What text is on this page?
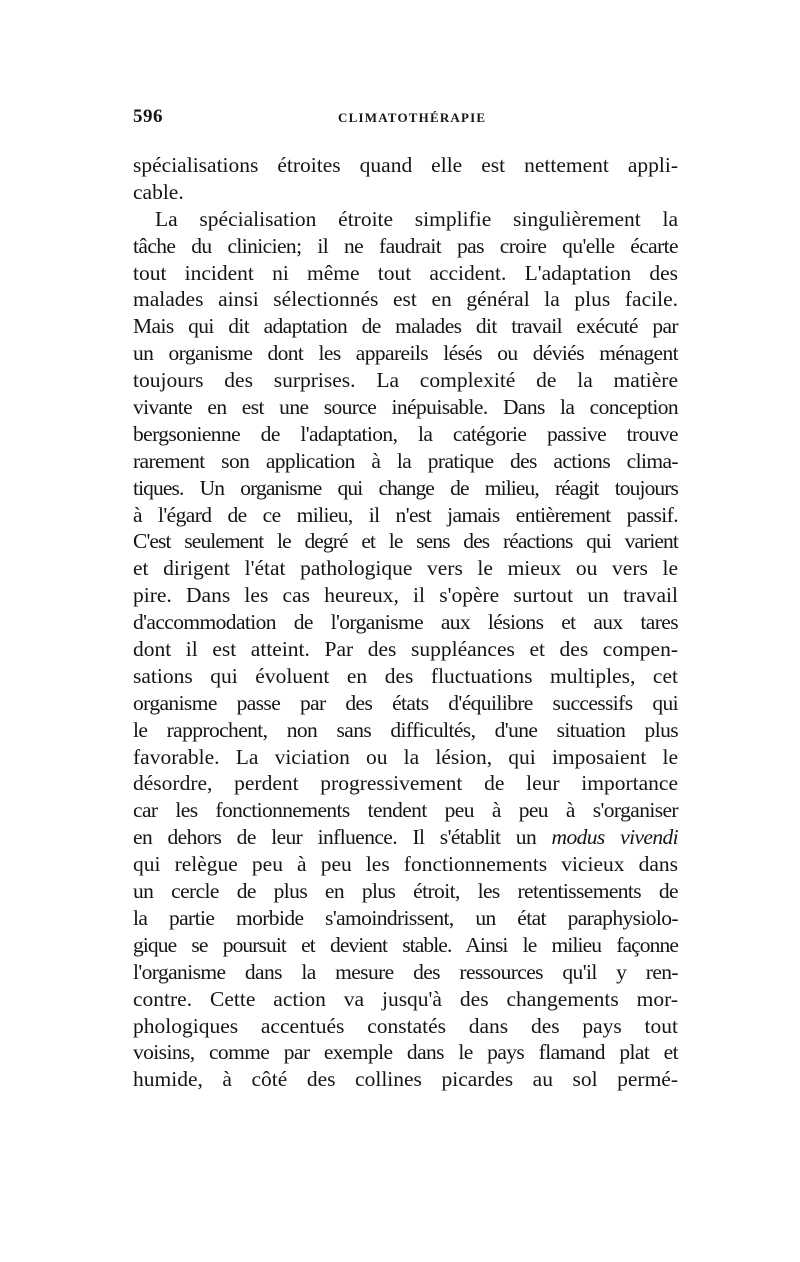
596	CLIMATOTHÉRAPIE
spécialisations étroites quand elle est nettement appli-
cable.
La spécialisation étroite simplifie singulièrement la
tâche du clinicien; il ne faudrait pas croire qu'elle écarte
tout incident ni même tout accident. L'adaptation des
malades ainsi sélectionnés est en général la plus facile.
Mais qui dit adaptation de malades dit travail exécuté par
un organisme dont les appareils lésés ou déviés ménagent
toujours des surprises. La complexité de la matière
vivante en est une source inépuisable. Dans la conception
bergsonienne de l'adaptation, la catégorie passive trouve
rarement son application à la pratique des actions clima-
tiques. Un organisme qui change de milieu, réagit toujours
à l'égard de ce milieu, il n'est jamais entièrement passif.
C'est seulement le degré et le sens des réactions qui varient
et dirigent l'état pathologique vers le mieux ou vers le
pire. Dans les cas heureux, il s'opère surtout un travail
d'accommodation de l'organisme aux lésions et aux tares
dont il est atteint. Par des suppléances et des compen-
sations qui évoluent en des fluctuations multiples, cet
organisme passe par des états d'équilibre successifs qui
le rapprochent, non sans difficultés, d'une situation plus
favorable. La viciation ou la lésion, qui imposaient le
désordre, perdent progressivement de leur importance
car les fonctionnements tendent peu à peu à s'organiser
en dehors de leur influence. Il s'établit un modus vivendi
qui relègue peu à peu les fonctionnements vicieux dans
un cercle de plus en plus étroit, les retentissements de
la partie morbide s'amoindrissent, un état paraphysiolo-
gique se poursuit et devient stable. Ainsi le milieu façonne
l'organisme dans la mesure des ressources qu'il y ren-
contre. Cette action va jusqu'à des changements mor-
phologiques accentués constatés dans des pays tout
voisins, comme par exemple dans le pays flamand plat et
humide, à côté des collines picardes au sol permé-
